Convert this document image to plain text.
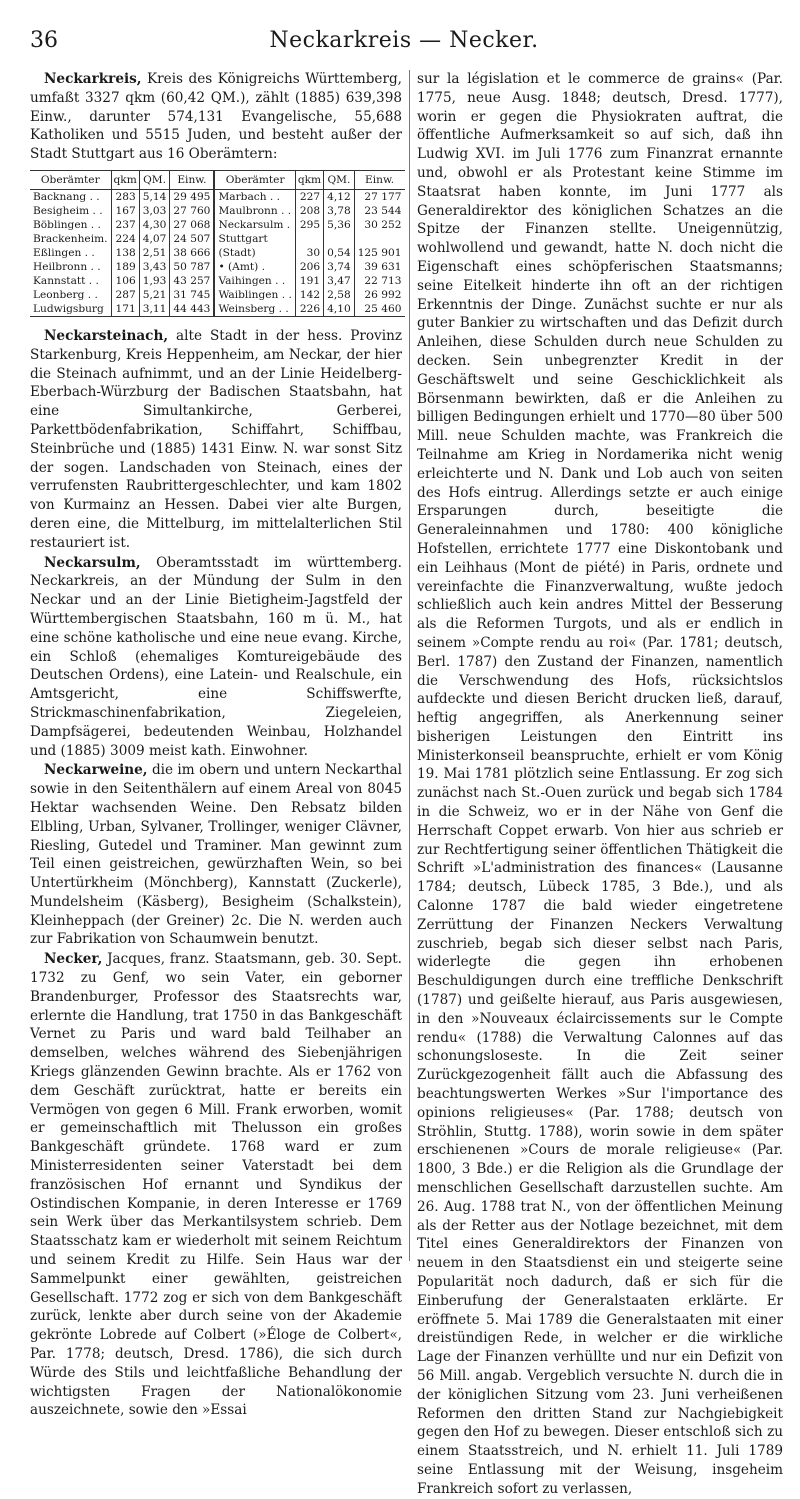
36	Neckarkreis — Necker.

Neckarkreis, Kreis des Königreichs Württemberg, umfaßt 3327 qkm (60,42 QM.), zählt (1885) 639,398 Einw., darunter 574,131 Evangelische, 55,688 Katholiken und 5515 Juden, und besteht außer der Stadt Stuttgart aus 16 Oberämtern:

Oberämter	qkm	QM.	Einw.	Oberämter	qkm	QM.	Einw.
Backnang . .	283	5,14	29 495	Marbach . .	227	4,12	27 177
Besigheim . .	167	3,03	27 760	Maulbronn . .	208	3,78	23 544
Böblingen . .	237	4,30	27 068	Neckarsulm .	295	5,36	30 252
Brackenheim.	224	4,07	24 507	Stuttgart			
Eßlingen . .	138	2,51	38 666	(Stadt)	30	0,54	125 901
Heilbronn . .	189	3,43	50 787	• (Amt) .	206	3,74	39 631
Kannstatt . .	106	1,93	43 257	Vaihingen . .	191	3,47	22 713
Leonberg . .	287	5,21	31 745	Waiblingen . .	142	2,58	26 992
Ludwigsburg	171	3,11	44 443	Weinsberg . .	226	4,10	25 460

Neckarsteinach, alte Stadt in der hess. Provinz Starkenburg, Kreis Heppenheim, am Neckar, der hier die Steinach aufnimmt, und an der Linie Heidelberg-Eberbach-Würzburg der Badischen Staatsbahn, hat eine Simultankirche, Gerberei, Parkettbödenfabrikation, Schiffahrt, Schiffbau, Steinbrüche und (1885) 1431 Einw. N. war sonst Sitz der sogen. Landschaden von Steinach, eines der verrufensten Raubrittergeschlechter, und kam 1802 von Kurmainz an Hessen. Dabei vier alte Burgen, deren eine, die Mittelburg, im mittelalterlichen Stil restauriert ist.

Neckarsulm, Oberamtsstadt im württemberg. Neckarkreis, an der Mündung der Sulm in den Neckar und an der Linie Bietigheim-Jagstfeld der Württembergischen Staatsbahn, 160 m ü. M., hat eine schöne katholische und eine neue evang. Kirche, ein Schloß (ehemaliges Komtureigebäude des Deutschen Ordens), eine Latein- und Realschule, ein Amtsgericht, eine Schiffswerfte, Strickmaschinenfabrikation, Ziegeleien, Dampfsägerei, bedeutenden Weinbau, Holzhandel und (1885) 3009 meist kath. Einwohner.

Neckarweine, die im obern und untern Neckarthal sowie in den Seitenthälern auf einem Areal von 8045 Hektar wachsenden Weine. Den Rebsatz bilden Elbling, Urban, Sylvaner, Trollinger, weniger Clävner, Riesling, Gutedel und Traminer. Man gewinnt zum Teil einen geistreichen, gewürzhaften Wein, so bei Untertürkheim (Mönchberg), Kannstatt (Zuckerle), Mundelsheim (Käsberg), Besigheim (Schalkstein), Kleinheppach (der Greiner) 2c. Die N. werden auch zur Fabrikation von Schaumwein benutzt.

Necker, Jacques, franz. Staatsmann, geb. 30. Sept. 1732 zu Genf, wo sein Vater, ein geborner Brandenburger, Professor des Staatsrechts war, erlernte die Handlung, trat 1750 in das Bankgeschäft Vernet zu Paris und ward bald Teilhaber an demselben, welches während des Siebenjährigen Kriegs glänzenden Gewinn brachte. Als er 1762 von dem Geschäft zurücktrat, hatte er bereits ein Vermögen von gegen 6 Mill. Frank erworben, womit er gemeinschaftlich mit Thelusson ein großes Bankgeschäft gründete. 1768 ward er zum Ministerresidenten seiner Vaterstadt bei dem französischen Hof ernannt und Syndikus der Ostindischen Kompanie, in deren Interesse er 1769 sein Werk über das Merkantilsystem schrieb. Dem Staatsschatz kam er wiederholt mit seinem Reichtum und seinem Kredit zu Hilfe. Sein Haus war der Sammelpunkt einer gewählten, geistreichen Gesellschaft. 1772 zog er sich von dem Bankgeschäft zurück, lenkte aber durch seine von der Akademie gekrönte Lobrede auf Colbert (»Éloge de Colbert«, Par. 1778; deutsch, Dresd. 1786), die sich durch Würde des Stils und leichtfaßliche Behandlung der wichtigsten Fragen der Nationalökonomie auszeichnete, sowie den »Essai

sur la législation et le commerce de grains« (Par. 1775, neue Ausg. 1848; deutsch, Dresd. 1777), worin er gegen die Physiokraten auftrat, die öffentliche Aufmerksamkeit so auf sich, daß ihn Ludwig XVI. im Juli 1776 zum Finanzrat ernannte und, obwohl er als Protestant keine Stimme im Staatsrat haben konnte, im Juni 1777 als Generaldirektor des königlichen Schatzes an die Spitze der Finanzen stellte. Uneigennützig, wohlwollend und gewandt, hatte N. doch nicht die Eigenschaft eines schöpferischen Staatsmanns; seine Eitelkeit hinderte ihn oft an der richtigen Erkenntnis der Dinge. Zunächst suchte er nur als guter Bankier zu wirtschaften und das Defizit durch Anleihen, diese Schulden durch neue Schulden zu decken. Sein unbegrenzter Kredit in der Geschäftswelt und seine Geschicklichkeit als Börsenmann bewirkten, daß er die Anleihen zu billigen Bedingungen erhielt und 1770—80 über 500 Mill. neue Schulden machte, was Frankreich die Teilnahme am Krieg in Nordamerika nicht wenig erleichterte und N. Dank und Lob auch von seiten des Hofs eintrug. Allerdings setzte er auch einige Ersparungen durch, beseitigte die Generaleinnahmen und 1780: 400 königliche Hofstellen, errichtete 1777 eine Diskontobank und ein Leihhaus (Mont de piété) in Paris, ordnete und vereinfachte die Finanzverwaltung, wußte jedoch schließlich auch kein andres Mittel der Besserung als die Reformen Turgots, und als er endlich in seinem »Compte rendu au roi« (Par. 1781; deutsch, Berl. 1787) den Zustand der Finanzen, namentlich die Verschwendung des Hofs, rücksichtslos aufdeckte und diesen Bericht drucken ließ, darauf, heftig angegriffen, als Anerkennung seiner bisherigen Leistungen den Eintritt ins Ministerkonseil beanspruchte, erhielt er vom König 19. Mai 1781 plötzlich seine Entlassung. Er zog sich zunächst nach St.-Ouen zurück und begab sich 1784 in die Schweiz, wo er in der Nähe von Genf die Herrschaft Coppet erwarb. Von hier aus schrieb er zur Rechtfertigung seiner öffentlichen Thätigkeit die Schrift »L'administration des finances« (Lausanne 1784; deutsch, Lübeck 1785, 3 Bde.), und als Calonne 1787 die bald wieder eingetretene Zerrüttung der Finanzen Neckers Verwaltung zuschrieb, begab sich dieser selbst nach Paris, widerlegte die gegen ihn erhobenen Beschuldigungen durch eine treffliche Denkschrift (1787) und geißelte hierauf, aus Paris ausgewiesen, in den »Nouveaux éclaircissements sur le Compte rendu« (1788) die Verwaltung Calonnes auf das schonungsloseste. In die Zeit seiner Zurückgezogenheit fällt auch die Abfassung des beachtungswerten Werkes »Sur l'importance des opinions religieuses« (Par. 1788; deutsch von Ströhlin, Stuttg. 1788), worin sowie in dem später erschienenen »Cours de morale religieuse« (Par. 1800, 3 Bde.) er die Religion als die Grundlage der menschlichen Gesellschaft darzustellen suchte. Am 26. Aug. 1788 trat N., von der öffentlichen Meinung als der Retter aus der Notlage bezeichnet, mit dem Titel eines Generaldirektors der Finanzen von neuem in den Staatsdienst ein und steigerte seine Popularität noch dadurch, daß er sich für die Einberufung der Generalstaaten erklärte. Er eröffnete 5. Mai 1789 die Generalstaaten mit einer dreistündigen Rede, in welcher er die wirkliche Lage der Finanzen verhüllte und nur ein Defizit von 56 Mill. angab. Vergeblich versuchte N. durch die in der königlichen Sitzung vom 23. Juni verheißenen Reformen den dritten Stand zur Nachgiebigkeit gegen den Hof zu bewegen. Dieser entschloß sich zu einem Staatsstreich, und N. erhielt 11. Juli 1789 seine Entlassung mit der Weisung, insgeheim Frankreich sofort zu verlassen,
